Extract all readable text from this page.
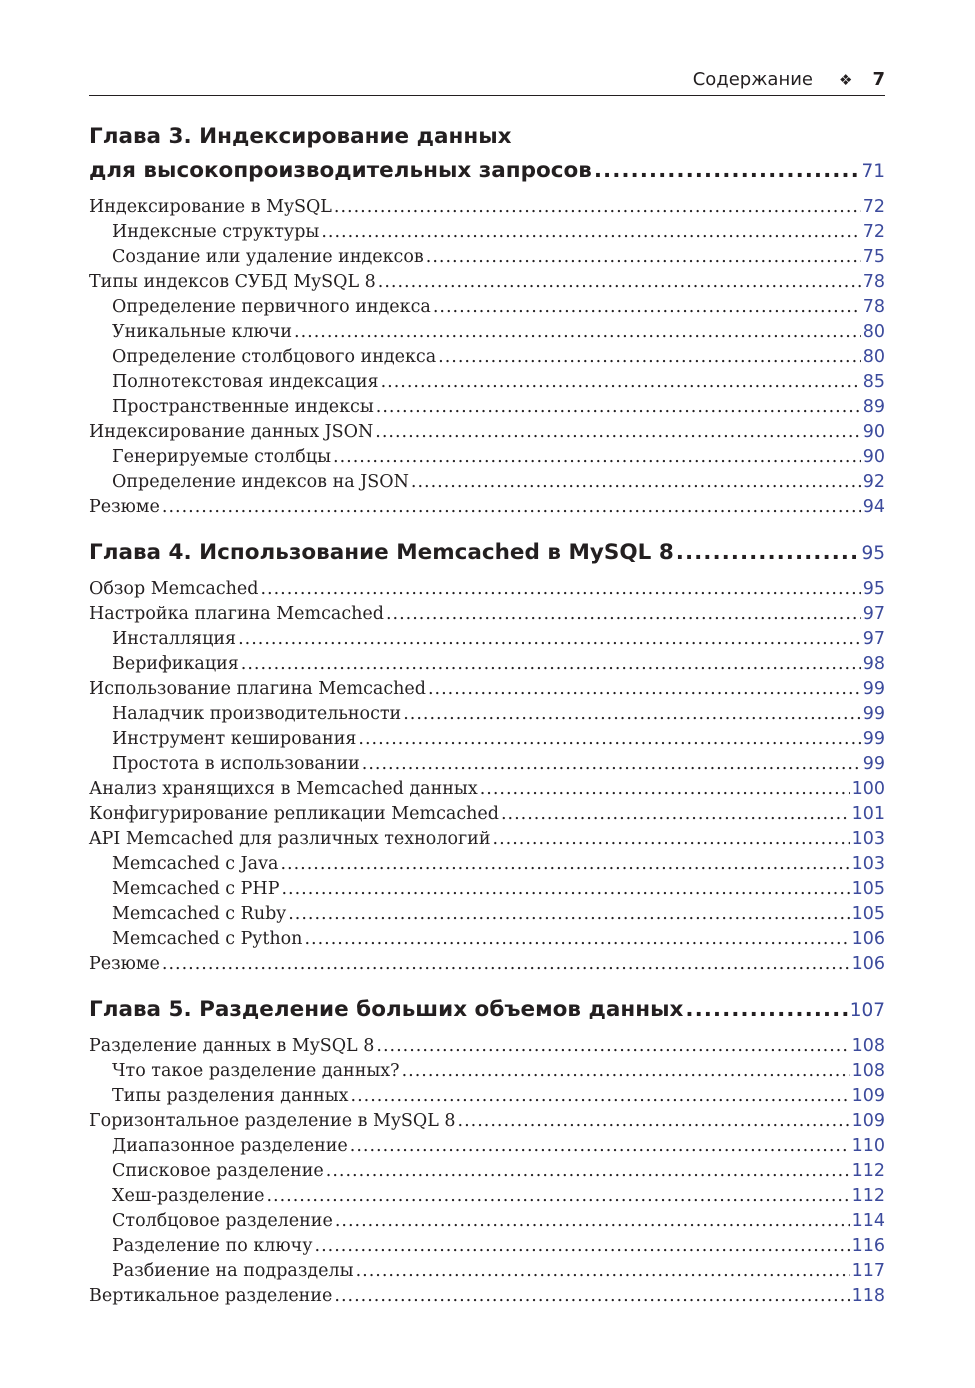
Содержание ❖ 7
Глава 3. Индексирование данных
для высокопроизводительных запросов .....	71
Индексирование в MySQL .....	72
Индексные структуры .....	72
Создание или удаление индексов .....	75
Типы индексов СУБД MySQL 8 .....	78
Определение первичного индекса .....	78
Уникальные ключи .....	80
Определение столбцового индекса .....	80
Полнотекстовая индексация .....	85
Пространственные индексы .....	89
Индексирование данных JSON .....	90
Генерируемые столбцы .....	90
Определение индексов на JSON .....	92
Резюме .....	94
Глава 4. Использование Memcached в MySQL 8 .....	95
Обзор Memcached .....	95
Настройка плагина Memcached .....	97
Инсталляция .....	97
Верификация .....	98
Использование плагина Memcached .....	99
Наладчик производительности .....	99
Инструмент кеширования .....	99
Простота в использовании .....	99
Анализ хранящихся в Memcached данных .....	100
Конфигурирование репликации Memcached .....	101
API Memcached для различных технологий .....	103
Memcached с Java .....	103
Memcached с PHP .....	105
Memcached с Ruby .....	105
Memcached с Python .....	106
Резюме .....	106
Глава 5. Разделение больших объемов данных .....	107
Разделение данных в MySQL 8 .....	108
Что такое разделение данных? .....	108
Типы разделения данных .....	109
Горизонтальное разделение в MySQL 8 .....	109
Диапазонное разделение .....	110
Списковое разделение .....	112
Хеш-разделение .....	112
Столбцовое разделение .....	114
Разделение по ключу .....	116
Разбиение на подразделы .....	117
Вертикальное разделение .....	118
